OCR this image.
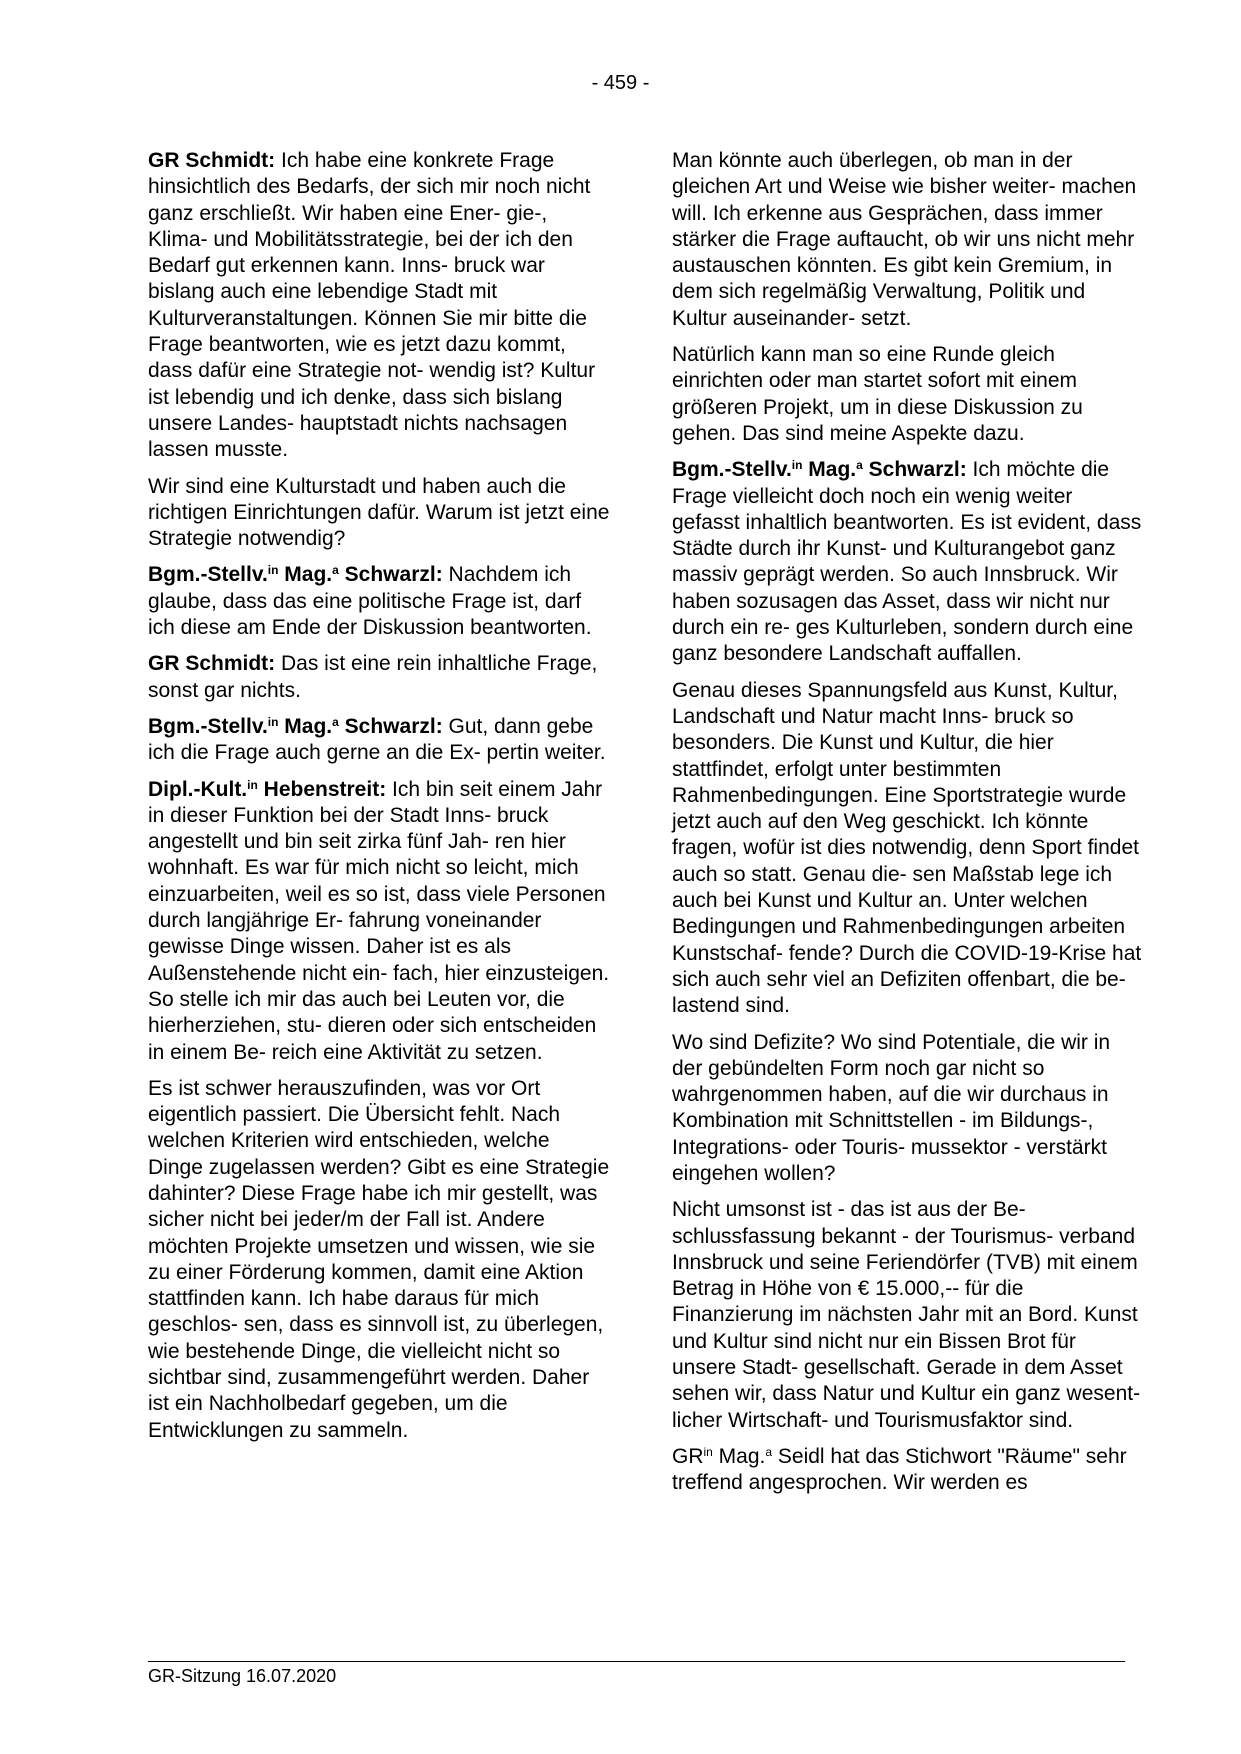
- 459 -

GR Schmidt: Ich habe eine konkrete Frage hinsichtlich des Bedarfs, der sich mir noch nicht ganz erschließt. Wir haben eine Ener- gie-, Klima- und Mobilitätsstrategie, bei der ich den Bedarf gut erkennen kann. Inns- bruck war bislang auch eine lebendige Stadt mit Kulturveranstaltungen. Können Sie mir bitte die Frage beantworten, wie es jetzt dazu kommt, dass dafür eine Strategie not- wendig ist? Kultur ist lebendig und ich denke, dass sich bislang unsere Landes- hauptstadt nichts nachsagen lassen musste.

Wir sind eine Kulturstadt und haben auch die richtigen Einrichtungen dafür. Warum ist jetzt eine Strategie notwendig?

Bgm.-Stellv.$^{in}$ Mag.$^a$ Schwarzl: Nachdem ich glaube, dass das eine politische Frage ist, darf ich diese am Ende der Diskussion beantworten.

GR Schmidt: Das ist eine rein inhaltliche Frage, sonst gar nichts.

Bgm.-Stellv.$^{in}$ Mag.$^a$ Schwarzl: Gut, dann gebe ich die Frage auch gerne an die Ex- pertin weiter.

Dipl.-Kult.$^{in}$ Hebenstreit: Ich bin seit einem Jahr in dieser Funktion bei der Stadt Inns- bruck angestellt und bin seit zirka fünf Jah- ren hier wohnhaft. Es war für mich nicht so leicht, mich einzuarbeiten, weil es so ist, dass viele Personen durch langjährige Er- fahrung voneinander gewisse Dinge wissen. Daher ist es als Außenstehende nicht ein- fach, hier einzusteigen. So stelle ich mir das auch bei Leuten vor, die hierherziehen, stu- dieren oder sich entscheiden in einem Be- reich eine Aktivität zu setzen.

Es ist schwer herauszufinden, was vor Ort eigentlich passiert. Die Übersicht fehlt. Nach welchen Kriterien wird entschieden, welche Dinge zugelassen werden? Gibt es eine Strategie dahinter? Diese Frage habe ich mir gestellt, was sicher nicht bei jeder/m der Fall ist. Andere möchten Projekte umsetzen und wissen, wie sie zu einer Förderung kommen, damit eine Aktion stattfinden kann. Ich habe daraus für mich geschlos- sen, dass es sinnvoll ist, zu überlegen, wie bestehende Dinge, die vielleicht nicht so sichtbar sind, zusammengeführt werden. Daher ist ein Nachholbedarf gegeben, um die Entwicklungen zu sammeln.

Man könnte auch überlegen, ob man in der gleichen Art und Weise wie bisher weiter- machen will. Ich erkenne aus Gesprächen, dass immer stärker die Frage auftaucht, ob wir uns nicht mehr austauschen könnten. Es gibt kein Gremium, in dem sich regelmäßig Verwaltung, Politik und Kultur auseinander- setzt.

Natürlich kann man so eine Runde gleich einrichten oder man startet sofort mit einem größeren Projekt, um in diese Diskussion zu gehen. Das sind meine Aspekte dazu.

Bgm.-Stellv.$^{in}$ Mag.$^a$ Schwarzl: Ich möchte die Frage vielleicht doch noch ein wenig weiter gefasst inhaltlich beantworten. Es ist evident, dass Städte durch ihr Kunst- und Kulturangebot ganz massiv geprägt werden. So auch Innsbruck. Wir haben sozusagen das Asset, dass wir nicht nur durch ein re- ges Kulturleben, sondern durch eine ganz besondere Landschaft auffallen.

Genau dieses Spannungsfeld aus Kunst, Kultur, Landschaft und Natur macht Inns- bruck so besonders. Die Kunst und Kultur, die hier stattfindet, erfolgt unter bestimmten Rahmenbedingungen. Eine Sportstrategie wurde jetzt auch auf den Weg geschickt. Ich könnte fragen, wofür ist dies notwendig, denn Sport findet auch so statt. Genau die- sen Maßstab lege ich auch bei Kunst und Kultur an. Unter welchen Bedingungen und Rahmenbedingungen arbeiten Kunstschaf- fende? Durch die COVID-19-Krise hat sich auch sehr viel an Defiziten offenbart, die be- lastend sind.

Wo sind Defizite? Wo sind Potentiale, die wir in der gebündelten Form noch gar nicht so wahrgenommen haben, auf die wir durchaus in Kombination mit Schnittstellen - im Bildungs-, Integrations- oder Touris- mussektor - verstärkt eingehen wollen?

Nicht umsonst ist - das ist aus der Be- schlussfassung bekannt - der Tourismus- verband Innsbruck und seine Feriendörfer (TVB) mit einem Betrag in Höhe von € 15.000,-- für die Finanzierung im nächsten Jahr mit an Bord. Kunst und Kultur sind nicht nur ein Bissen Brot für unsere Stadt- gesellschaft. Gerade in dem Asset sehen wir, dass Natur und Kultur ein ganz wesent- licher Wirtschaft- und Tourismusfaktor sind.

$GR^{in}$ Mag.$^a$ Seidl hat das Stichwort "Räume" sehr treffend angesprochen. Wir werden es

GR-Sitzung 16.07.2020
